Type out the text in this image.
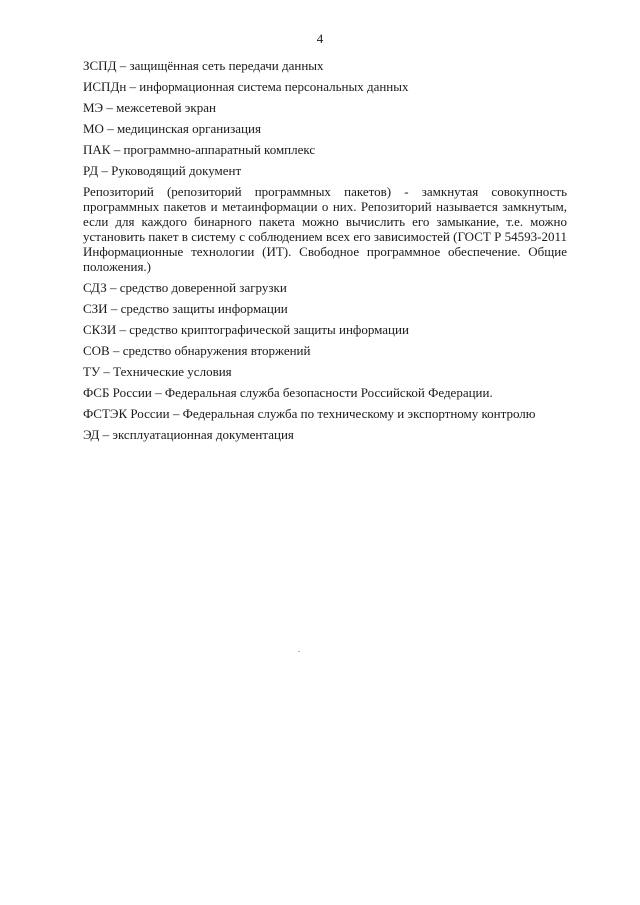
4

ЗСПД – защищённая сеть передачи данных

ИСПДн – информационная система персональных данных

МЭ – межсетевой экран

МО – медицинская организация

ПАК – программно-аппаратный комплекс

РД – Руководящий документ

Репозиторий (репозиторий программных пакетов) - замкнутая совокупность программных пакетов и метаинформации о них. Репозиторий называется замкнутым, если для каждого бинарного пакета можно вычислить его замыкание, т.е. можно установить пакет в систему с соблюдением всех его зависимостей (ГОСТ Р 54593-2011 Информационные технологии (ИТ). Свободное программное обеспечение. Общие положения.)

СДЗ – средство доверенной загрузки

СЗИ – средство защиты информации

СКЗИ – средство криптографической защиты информации

СОВ – средство обнаружения вторжений

ТУ – Технические условия

ФСБ России – Федеральная служба безопасности Российской Федерации.

ФСТЭК России – Федеральная служба по техническому и экспортному контролю

ЭД – эксплуатационная документация
